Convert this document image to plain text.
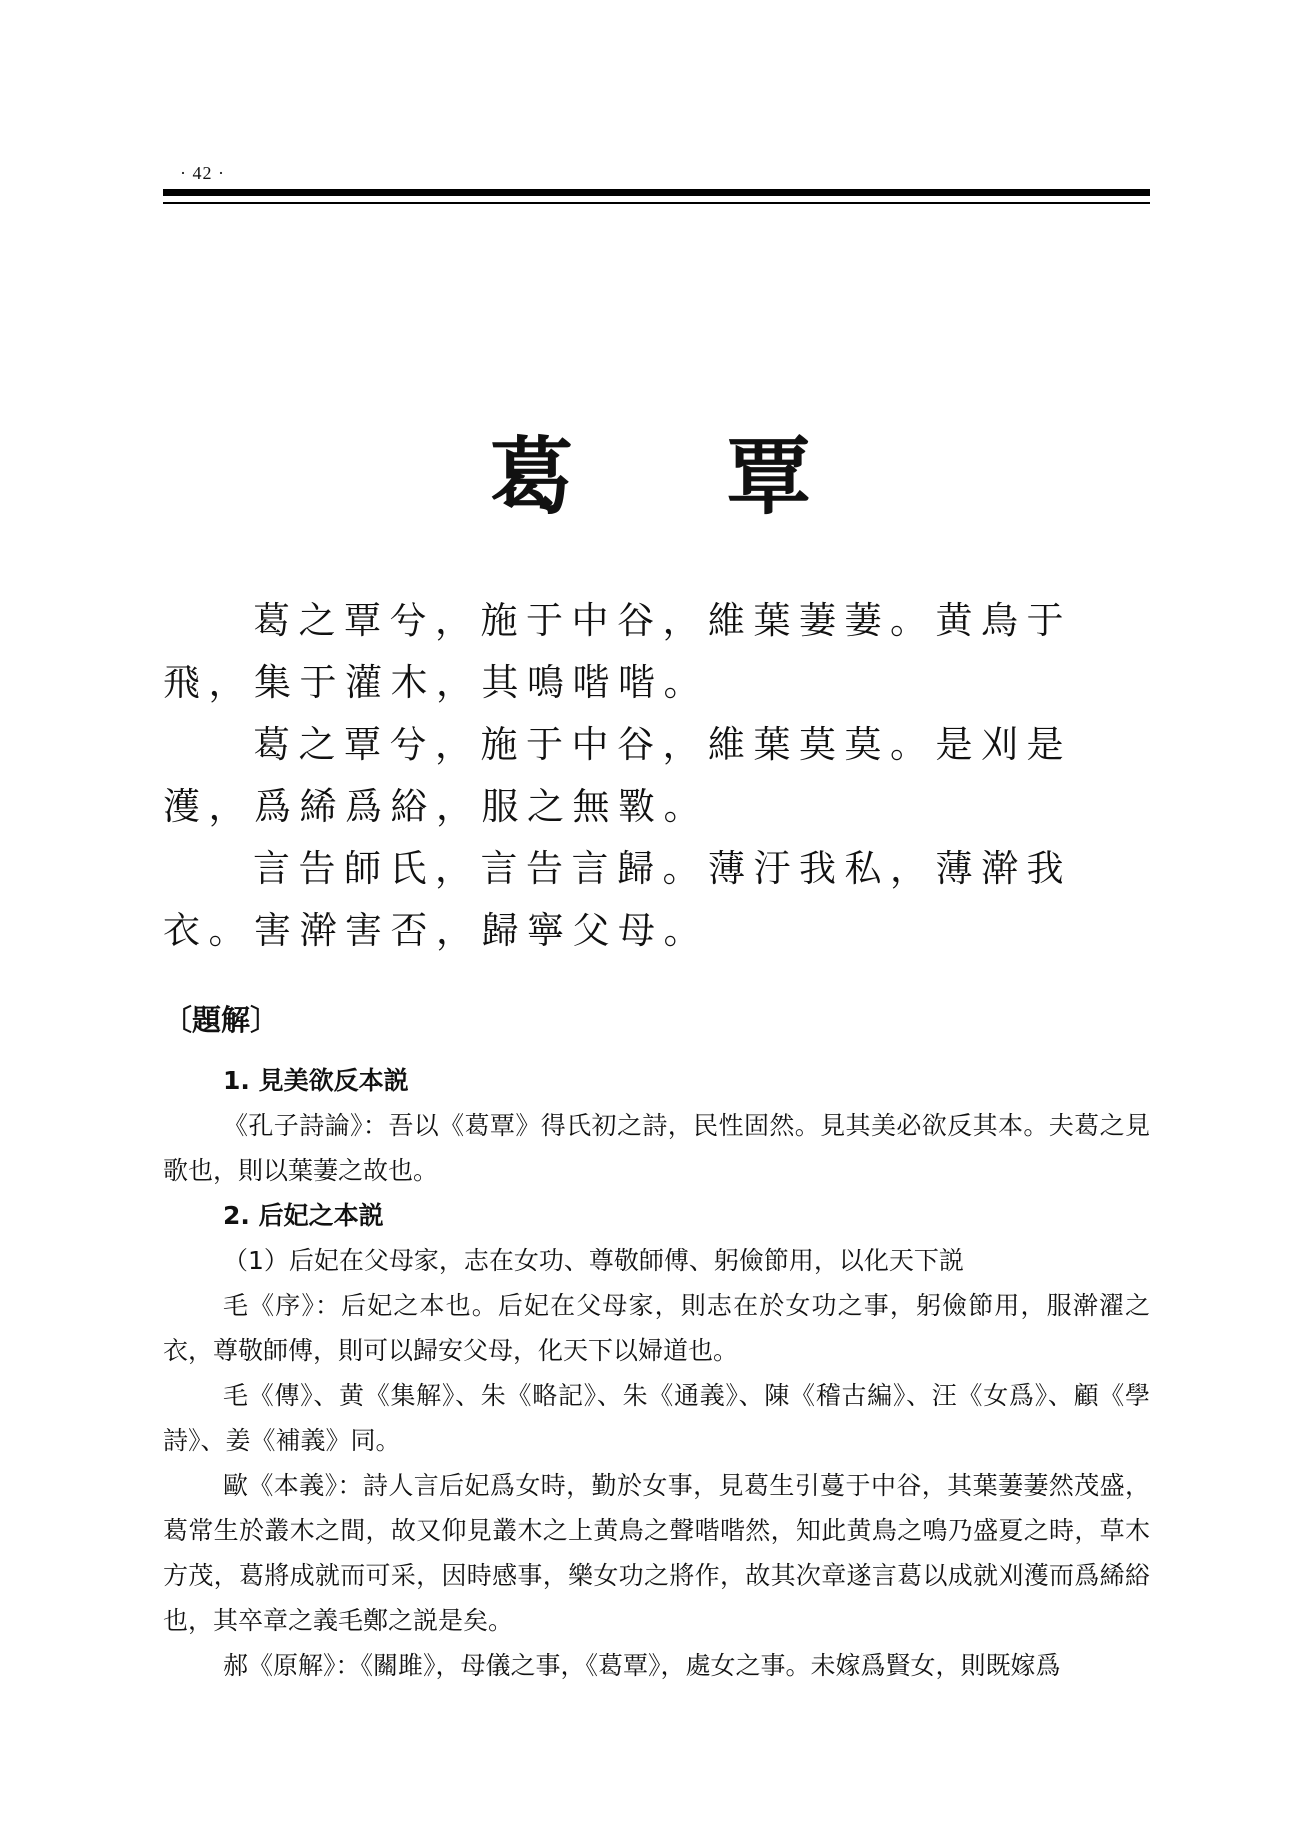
· 42 ·
葛 覃

葛之覃兮，施于中谷，維葉萋萋。黄鳥于飛，集于灌木，其鳴喈喈。

葛之覃兮，施于中谷，維葉莫莫。是刈是濩，爲絺爲綌，服之無斁。

言告師氏，言告言歸。薄汙我私，薄澣我衣。害澣害否，歸寧父母。

〔題解〕

1. 見美欲反本説

《孔子詩論》：吾以《葛覃》得氏初之詩，民性固然。見其美必欲反其本。夫葛之見歌也，則以葉萋之故也。

2. 后妃之本説

（1）后妃在父母家，志在女功、尊敬師傅、躬儉節用，以化天下説

毛《序》：后妃之本也。后妃在父母家，則志在於女功之事，躬儉節用，服澣濯之衣，尊敬師傅，則可以歸安父母，化天下以婦道也。

毛《傳》、黄《集解》、朱《略記》、朱《通義》、陳《稽古編》、汪《女爲》、顧《學詩》、姜《補義》同。

歐《本義》：詩人言后妃爲女時，勤於女事，見葛生引蔓于中谷，其葉萋萋然茂盛，葛常生於叢木之間，故又仰見叢木之上黄鳥之聲喈喈然，知此黄鳥之鳴乃盛夏之時，草木方茂，葛將成就而可采，因時感事，樂女功之將作，故其次章遂言葛以成就刈濩而爲絺綌也，其卒章之義毛鄭之説是矣。

郝《原解》：《關雎》，母儀之事，《葛覃》，處女之事。未嫁爲賢女，則既嫁爲
